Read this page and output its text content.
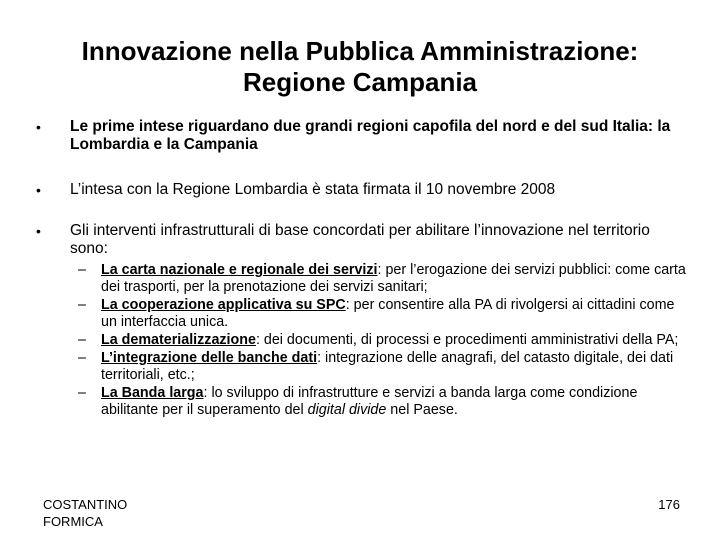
Innovazione nella Pubblica Amministrazione:
Regione Campania
•	Le prime intese riguardano due grandi regioni capofila del nord e del sud Italia: la Lombardia e la Campania
•	L’intesa con la Regione Lombardia è stata firmata il 10 novembre 2008
•	Gli interventi infrastrutturali di base concordati per abilitare l’innovazione nel territorio sono:
–	La carta nazionale e regionale dei servizi: per l’erogazione dei servizi pubblici: come carta dei trasporti, per la prenotazione dei servizi sanitari;
–	La cooperazione applicativa su SPC: per consentire alla PA di rivolgersi ai cittadini come un interfaccia unica.
–	La dematerializzazione: dei documenti, di processi e procedimenti amministrativi della PA;
–	L’integrazione delle banche dati: integrazione delle anagrafi, del catasto digitale, dei dati territoriali, etc.;
–	La Banda larga: lo sviluppo di infrastrutture e servizi a banda larga come condizione abilitante per il superamento del digital divide nel Paese.
COSTANTINO
FORMICA
176
